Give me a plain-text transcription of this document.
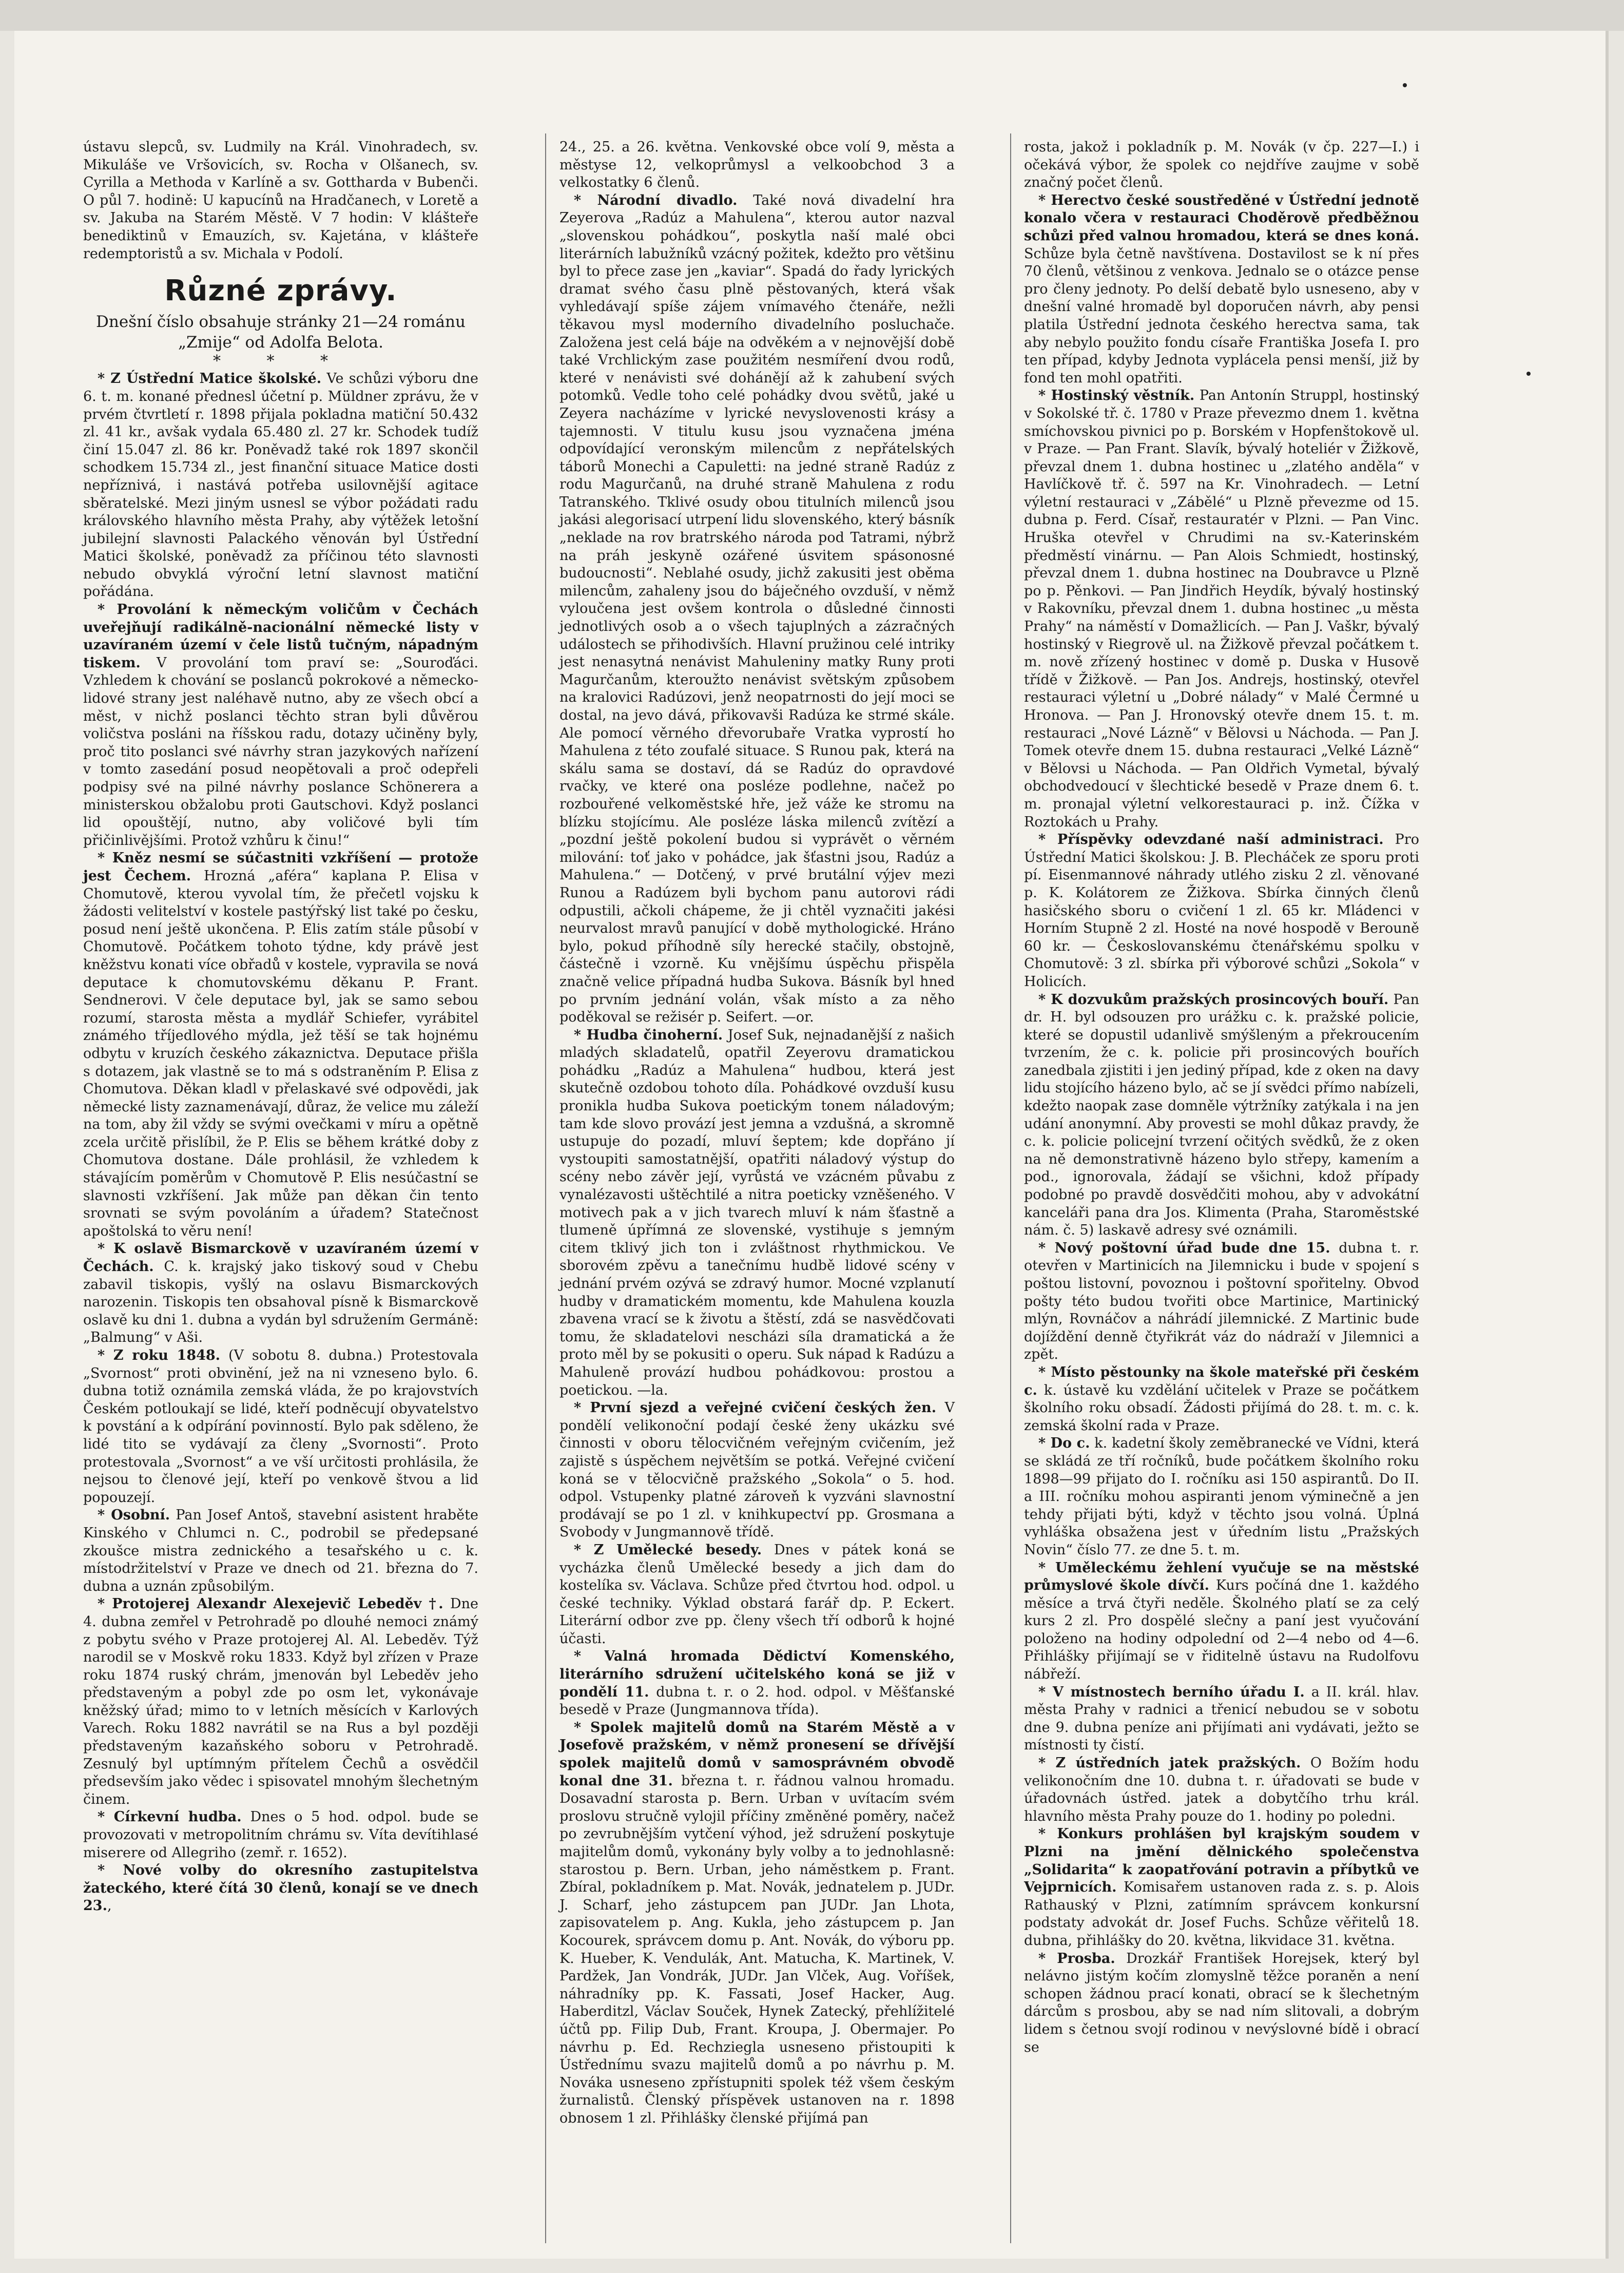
ústavu slepců, sv. Ludmily na Král. Vinohradech, sv. Mikuláše ve Vršovicích, sv. Rocha v Olšanech, sv. Cyrilla a Methoda v Karlíně a sv. Gottharda v Bubenči. O půl 7. hodině: U kapucínů na Hradčanech, v Loretě a sv. Jakuba na Starém Městě. V 7 hodin: V klášteře benediktinů v Emauzích, sv. Kajetána, v klášteře redemptoristů a sv. Michala v Podolí.

Různé zprávy.

Dnešní číslo obsahuje stránky 21—24 románu „Zmije“ od Adolfa Belota.

* * *

* Z Ústřední Matice školské. Ve schůzi výboru dne 6. t. m. konané přednesl účetní p. Müldner zprávu, že v prvém čtvrtletí r. 1898 přijala pokladna matiční 50.432 zl. 41 kr., avšak vydala 65.480 zl. 27 kr. Schodek tudíž činí 15.047 zl. 86 kr. Poněvadž také rok 1897 skončil schodkem 15.734 zl., jest finanční situace Matice dosti nepříznivá, i nastává potřeba usilovnější agitace sběratelské. Mezi jiným usnesl se výbor požádati radu královského hlavního města Prahy, aby výtěžek letošní jubilejní slavnosti Palackého věnován byl Ústřední Matici školské, poněvadž za příčinou této slavnosti nebudo obvyklá výroční letní slavnost matiční pořádána.

* Provolání k německým voličům v Čechách uveřejňují radikálně-nacionální německé listy v uzavíraném území v čele listů tučným, nápadným tiskem. V provolání tom praví se: „Souroďáci. Vzhledem k chování se poslanců pokrokové a německo-lidové strany jest naléhavě nutno, aby ze všech obcí a měst, v nichž poslanci těchto stran byli důvěrou voličstva posláni na říšskou radu, dotazy učiněny byly, proč tito poslanci své návrhy stran jazykových nařízení v tomto zasedání posud neopětovali a proč odepřeli podpisy své na pilné návrhy poslance Schönerera a ministerskou obžalobu proti Gautschovi. Když poslanci lid opouštějí, nutno, aby voličové byli tím přičinlivějšími. Protož vzhůru k činu!“

* Kněz nesmí se súčastniti vzkříšení — protože jest Čechem. Hrozná „aféra“ kaplana P. Elisa v Chomutově, kterou vyvolal tím, že přečetl vojsku k žádosti velitelství v kostele pastýřský list také po česku, posud není ještě ukončena. P. Elis zatím stále působí v Chomutově. Počátkem tohoto týdne, kdy právě jest kněžstvu konati více obřadů v kostele, vypravila se nová deputace k chomutovskému děkanu P. Frant. Sendnerovi. V čele deputace byl, jak se samo sebou rozumí, starosta města a mydlář Schiefer, vyrábitel známého tříjedlového mýdla, jež těší se tak hojnému odbytu v kruzích českého zákaznictva. Deputace přišla s dotazem, jak vlastně se to má s odstraněním P. Elisa z Chomutova. Děkan kladl v přelaskavé své odpovědi, jak německé listy zaznamenávají, důraz, že velice mu záleží na tom, aby žil vždy se svými ovečkami v míru a opětně zcela určitě přislíbil, že P. Elis se během krátké doby z Chomutova dostane. Dále prohlásil, že vzhledem k stávajícím poměrům v Chomutově P. Elis nesúčastní se slavnosti vzkříšení. Jak může pan děkan čin tento srovnati se svým povoláním a úřadem? Statečnost apoštolská to věru není!

* K oslavě Bismarckově v uzavíraném území v Čechách. C. k. krajský jako tiskový soud v Chebu zabavil tiskopis, vyšlý na oslavu Bismarckových narozenin. Tiskopis ten obsahoval písně k Bismarckově oslavě ku dni 1. dubna a vydán byl sdružením Germáně: „Balmung“ v Aši.

* Z roku 1848. (V sobotu 8. dubna.) Protestovala „Svornost“ proti obvinění, jež na ni vzneseno bylo. 6. dubna totiž oznámila zemská vláda, že po krajovstvích Českém potloukají se lidé, kteří podněcují obyvatelstvo k povstání a k odpírání povinností. Bylo pak sděleno, že lidé tito se vydávají za členy „Svornosti“. Proto protestovala „Svornost“ a ve vší určitosti prohlásila, že nejsou to členové její, kteří po venkově štvou a lid popouzejí.

* Osobní. Pan Josef Antoš, stavební asistent hraběte Kinského v Chlumci n. C., podrobil se předepsané zkoušce mistra zednického a tesařského u c. k. místodržitelství v Praze ve dnech od 21. března do 7. dubna a uznán způsobilým.

* Protojerej Alexandr Alexejevič Lebeděv †. Dne 4. dubna zemřel v Petrohradě po dlouhé nemoci známý z pobytu svého v Praze protojerej Al. Al. Lebeděv. Týž narodil se v Moskvě roku 1833. Když byl zřízen v Praze roku 1874 ruský chrám, jmenován byl Lebeděv jeho představeným a pobyl zde po osm let, vykonávaje kněžský úřad; mimo to v letních měsících v Karlových Varech. Roku 1882 navrátil se na Rus a byl později představeným kazaňského soboru v Petrohradě. Zesnulý byl uptímným přítelem Čechů a osvědčil předsevším jako vědec i spisovatel mnohým šlechetným činem.

* Církevní hudba. Dnes o 5 hod. odpol. bude se provozovati v metropolitním chrámu sv. Víta devítihlasé miserere od Allegriho (zemř. r. 1652).

* Nové volby do okresního zastupitelstva žateckého, které čítá 30 členů, konají se ve dnech 23.,

24., 25. a 26. května. Venkovské obce volí 9, města a městyse 12, velkoprůmysl a velkoobchod 3 a velkostatky 6 členů.

* Národní divadlo. Také nová divadelní hra Zeyerova „Radúz a Mahulena“, kterou autor nazval „slovenskou pohádkou“, poskytla naší malé obci literárních labužníků vzácný požitek, kdežto pro většinu byl to přece zase jen „kaviar“. Spadá do řady lyrických dramat svého času plně pěstovaných, která však vyhledávají spíše zájem vnímavého čtenáře, nežli těkavou mysl moderního divadelního posluchače. Založena jest celá báje na odvěkém a v nejnovější době také Vrchlickým zase použitém nesmíření dvou rodů, které v nenávisti své dohánějí až k zahubení svých potomků. Vedle toho celé pohádky dvou světů, jaké u Zeyera nacházíme v lyrické nevyslovenosti krásy a tajemnosti. V titulu kusu jsou vyznačena jména odpovídající veronským milencům z nepřátelských táborů Monechi a Capuletti: na jedné straně Radúz z rodu Magurčanů, na druhé straně Mahulena z rodu Tatranského. Tklivé osudy obou titulních milenců jsou jakási alegorisací utrpení lidu slovenského, který básník „neklade na rov bratrského národa pod Tatrami, nýbrž na práh jeskyně ozářené úsvitem spásonosné budoucnosti“. Neblahé osudy, jichž zakusiti jest oběma milencům, zahaleny jsou do báječného ovzduší, v němž vyloučena jest ovšem kontrola o důsledné činnosti jednotlivých osob a o všech tajuplných a zázračných událostech se přihodivších. Hlavní pružinou celé intriky jest nenasytná nenávist Mahuleniny matky Runy proti Magurčanům, kteroužto nenávist světským způsobem na kralovici Radúzovi, jenž neopatrnosti do její moci se dostal, na jevo dává, přikovavši Radúza ke strmé skále. Ale pomocí věrného dřevorubaře Vratka vyprostí ho Mahulena z této zoufalé situace. S Runou pak, která na skálu sama se dostaví, dá se Radúz do opravdové rvačky, ve které ona posléze podlehne, načež po rozbouřené velkoměstské hře, jež váže ke stromu na blízku stojícímu. Ale posléze láska milenců zvítězí a „pozdní ještě pokolení budou si vyprávět o věrném milování: toť jako v pohádce, jak šťastni jsou, Radúz a Mahulena.“ — Dotčený, v prvé brutální výjev mezi Runou a Radúzem byli bychom panu autorovi rádi odpustili, ačkoli chápeme, že ji chtěl vyznačiti jakési neurvalost mravů panující v době mythologické. Hráno bylo, pokud příhodně síly herecké stačily, obstojně, částečně i vzorně. Ku vnějšímu úspěchu přispěla značně velice případná hudba Sukova. Básník byl hned po prvním jednání volán, však místo a za něho poděkoval se režisér p. Seifert. —or.

* Hudba činoherní. Josef Suk, nejnadanější z našich mladých skladatelů, opatřil Zeyerovu dramatickou pohádku „Radúz a Mahulena“ hudbou, která jest skutečně ozdobou tohoto díla. Pohádkové ovzduší kusu pronikla hudba Sukova poetickým tonem náladovým; tam kde slovo provází jest jemna a vzdušná, a skromně ustupuje do pozadí, mluví šeptem; kde dopřáno jí vystoupiti samostatnější, opatřiti náladový výstup do scény nebo závěr její, vyrůstá ve vzácném půvabu z vynalézavosti uštěchtilé a nitra poeticky vzněšeného. V motivech pak a v jich tvarech mluví k nám šťastně a tlumeně úpřímná ze slovenské, vystihuje s jemným citem tklivý jich ton i zvláštnost rhythmickou. Ve sborovém zpěvu a tanečnímu hudbě lidové scény v jednání prvém ozývá se zdravý humor. Mocné vzplanutí hudby v dramatickém momentu, kde Mahulena kouzla zbavena vrací se k životu a štěstí, zdá se nasvědčovati tomu, že skladatelovi nescházi síla dramatická a že proto měl by se pokusiti o operu. Suk nápad k Radúzu a Mahuleně provází hudbou pohádkovou: prostou a poetickou. —la.

* První sjezd a veřejné cvičení českých žen. V pondělí velikonoční podají české ženy ukázku své činnosti v oboru tělocvičném veřejným cvičením, jež zajistě s úspěchem největším se potká. Veřejné cvičení koná se v tělocvičně pražského „Sokola“ o 5. hod. odpol. Vstupenky platné zároveň k vyzváni slavnostní prodávají se po 1 zl. v knihkupectví pp. Grosmana a Svobody v Jungmannově třídě.

* Z Umělecké besedy. Dnes v pátek koná se vycházka členů Umělecké besedy a jich dam do kostelíka sv. Václava. Schůze před čtvrtou hod. odpol. u české techniky. Výklad obstará farář dp. P. Eckert. Literární odbor zve pp. členy všech tří odborů k hojné účasti.

* Valná hromada Dědictví Komenského, literárního sdružení učitelského koná se již v pondělí 11. dubna t. r. o 2. hod. odpol. v Měšťanské besedě v Praze (Jungmannova třída).

* Spolek majitelů domů na Starém Městě a v Josefově pražském, v němž pronesení se dřívější spolek majitelů domů v samosprávném obvodě konal dne 31. března t. r. řádnou valnou hromadu. Dosavadní starosta p. Bern. Urban v uvítacím svém proslovu stručně vylojil příčiny změněné poměry, načež po zevrubnějším vytčení výhod, jež sdružení poskytuje majitelům domů, vykonány byly volby a to jednohlasně: starostou p. Bern. Urban, jeho náměstkem p. Frant. Zbíral, pokladníkem p. Mat. Novák, jednatelem p. JUDr. J. Scharf, jeho zástupcem pan JUDr. Jan Lhota, zapisovatelem p. Ang. Kukla, jeho zástupcem p. Jan Kocourek, správcem domu p. Ant. Novák, do výboru pp. K. Hueber, K. Vendulák, Ant. Matucha, K. Martinek, V. Pardžek, Jan Vondrák, JUDr. Jan Vlček, Aug. Voříšek, náhradníky pp. K. Fassati, Josef Hacker, Aug. Haberditzl, Václav Souček, Hynek Zatecký, přehlížitelé účtů pp. Filip Dub, Frant. Kroupa, J. Obermajer. Po návrhu p. Ed. Rechziegla usneseno přistoupiti k Ústřednímu svazu majitelů domů a po návrhu p. M. Nováka usneseno zpřístupniti spolek též všem českým žurnalistů. Členský příspěvek ustanoven na r. 1898 obnosem 1 zl. Přihlášky členské přijímá pan

rosta, jakož i pokladník p. M. Novák (v čp. 227—I.) i očekává výbor, že spolek co nejdříve zaujme v sobě značný počet členů.

* Herectvo české soustředěné v Ústřední jednotě konalo včera v restauraci Choděrově předběžnou schůzi před valnou hromadou, která se dnes koná. Schůze byla četně navštívena. Dostavilost se k ní přes 70 členů, většinou z venkova. Jednalo se o otázce pense pro členy jednoty. Po delší debatě bylo usneseno, aby v dnešní valné hromadě byl doporučen návrh, aby pensi platila Ústřední jednota českého herectva sama, tak aby nebylo použito fondu císaře Františka Josefa I. pro ten případ, kdyby Jednota vyplácela pensi menší, již by fond ten mohl opatřiti.

* Hostinský věstník. Pan Antonín Struppl, hostinský v Sokolské tř. č. 1780 v Praze převezmo dnem 1. května smíchovskou pivnici po p. Borském v Hopfenštokově ul. v Praze. — Pan Frant. Slavík, bývalý hoteliér v Žižkově, převzal dnem 1. dubna hostinec u „zlatého anděla“ v Havlíčkově tř. č. 597 na Kr. Vinohradech. — Letní výletní restauraci v „Zábělé“ u Plzně převezme od 15. dubna p. Ferd. Císař, restauratér v Plzni. — Pan Vinc. Hruška otevřel v Chrudimi na sv.-Katerinském předměstí vinárnu. — Pan Alois Schmiedt, hostinský, převzal dnem 1. dubna hostinec na Doubravce u Plzně po p. Pěnkovi. — Pan Jindřich Heydík, bývalý hostinský v Rakovníku, převzal dnem 1. dubna hostinec „u města Prahy“ na náměstí v Domažlicích. — Pan J. Vaškr, bývalý hostinský v Riegrově ul. na Žižkově převzal počátkem t. m. nově zřízený hostinec v domě p. Duska v Husově třídě v Žižkově. — Pan Jos. Andrejs, hostinský, otevřel restauraci výletní u „Dobré nálady“ v Malé Čermné u Hronova. — Pan J. Hronovský otevře dnem 15. t. m. restauraci „Nové Lázně“ v Bělovsi u Náchoda. — Pan J. Tomek otevře dnem 15. dubna restauraci „Velké Lázně“ v Bělovsi u Náchoda. — Pan Oldřich Vymetal, bývalý obchodvedoucí v šlechtické besedě v Praze dnem 6. t. m. pronajal výletní velkorestauraci p. inž. Čížka v Roztokách u Prahy.

* Příspěvky odevzdané naší administraci. Pro Ústřední Matici školskou: J. B. Plecháček ze sporu proti pí. Eisenmannové náhrady utlého zisku 2 zl. věnované p. K. Kolátorem ze Žižkova. Sbírka činných členů hasičského sboru o cvičení 1 zl. 65 kr. Mládenci v Horním Stupně 2 zl. Hosté na nové hospodě v Berouně 60 kr. — Českoslovanskému čtenářskému spolku v Chomutově: 3 zl. sbírka při výborové schůzi „Sokola“ v Holicích.

* K dozvukům pražských prosincových bouří. Pan dr. H. byl odsouzen pro urážku c. k. pražské policie, které se dopustil udanlivě smýšleným a překroucením tvrzením, že c. k. policie při prosincových bouřích zanedbala zjistiti i jen jediný případ, kde z oken na davy lidu stojícího házeno bylo, ač se jí svědci přímo nabízeli, kdežto naopak zase domněle výtržníky zatýkala i na jen udání anonymní. Aby provesti se mohl důkaz pravdy, že c. k. policie policejní tvrzení očitých svědků, že z oken na ně demonstrativně házeno bylo střepy, kamením a pod., ignorovala, žádají se všichni, kdož případy podobné po pravdě dosvědčiti mohou, aby v advokátní kanceláři pana dra Jos. Klimenta (Praha, Staroměstské nám. č. 5) laskavě adresy své oznámili.

* Nový poštovní úřad bude dne 15. dubna t. r. otevřen v Martinicích na Jilemnicku i bude v spojení s poštou listovní, povoznou i poštovní spořitelny. Obvod pošty této budou tvořiti obce Martinice, Martinický mlýn, Rovnáčov a náhrádí jilemnické. Z Martinic bude dojíždění denně čtyřikrát váz do nádraží v Jilemnici a zpět.

* Místo pěstounky na škole mateřské při českém c. k. ústavě ku vzdělání učitelek v Praze se počátkem školního roku obsadí. Žádosti přijímá do 28. t. m. c. k. zemská školní rada v Praze.

* Do c. k. kadetní školy zeměbranecké ve Vídni, která se skládá ze tří ročníků, bude počátkem školního roku 1898—99 přijato do I. ročníku asi 150 aspirantů. Do II. a III. ročníku mohou aspiranti jenom výminečně a jen tehdy přijati býti, když v těchto jsou volná. Úplná vyhláška obsažena jest v úředním listu „Pražských Novin“ číslo 77. ze dne 5. t. m.

* Uměleckému žehlení vyučuje se na městské průmyslové škole dívčí. Kurs počíná dne 1. každého měsíce a trvá čtyři neděle. Školného platí se za celý kurs 2 zl. Pro dospělé slečny a paní jest vyučování položeno na hodiny odpolední od 2—4 nebo od 4—6. Přihlášky přijímají se v řiditelně ústavu na Rudolfovu nábřeží.

* V místnostech berního úřadu I. a II. král. hlav. města Prahy v radnici a třenicí nebudou se v sobotu dne 9. dubna peníze ani přijímati ani vydávati, ježto se místnosti ty čistí.

* Z ústředních jatek pražských. O Božím hodu velikonočním dne 10. dubna t. r. úřadovati se bude v úřadovnách ústřed. jatek a dobytčího trhu král. hlavního města Prahy pouze do 1. hodiny po poledni.

* Konkurs prohlášen byl krajským soudem v Plzni na jmění dělnického společenstva „Solidarita“ k zaopatřování potravin a příbytků ve Vejprnicích. Komisařem ustanoven rada z. s. p. Alois Rathauský v Plzni, zatímním správcem konkursní podstaty advokát dr. Josef Fuchs. Schůze věřitelů 18. dubna, přihlášky do 20. května, likvidace 31. května.

* Prosba. Drozkář František Horejsek, který byl nelávno jistým kočím zlomyslně těžce poraněn a není schopen žádnou prací konati, obrací se k šlechetným dárcům s prosbou, aby se nad ním slitovali, a dobrým lidem s četnou svojí rodinou v nevýslovné bídě i obrací se
